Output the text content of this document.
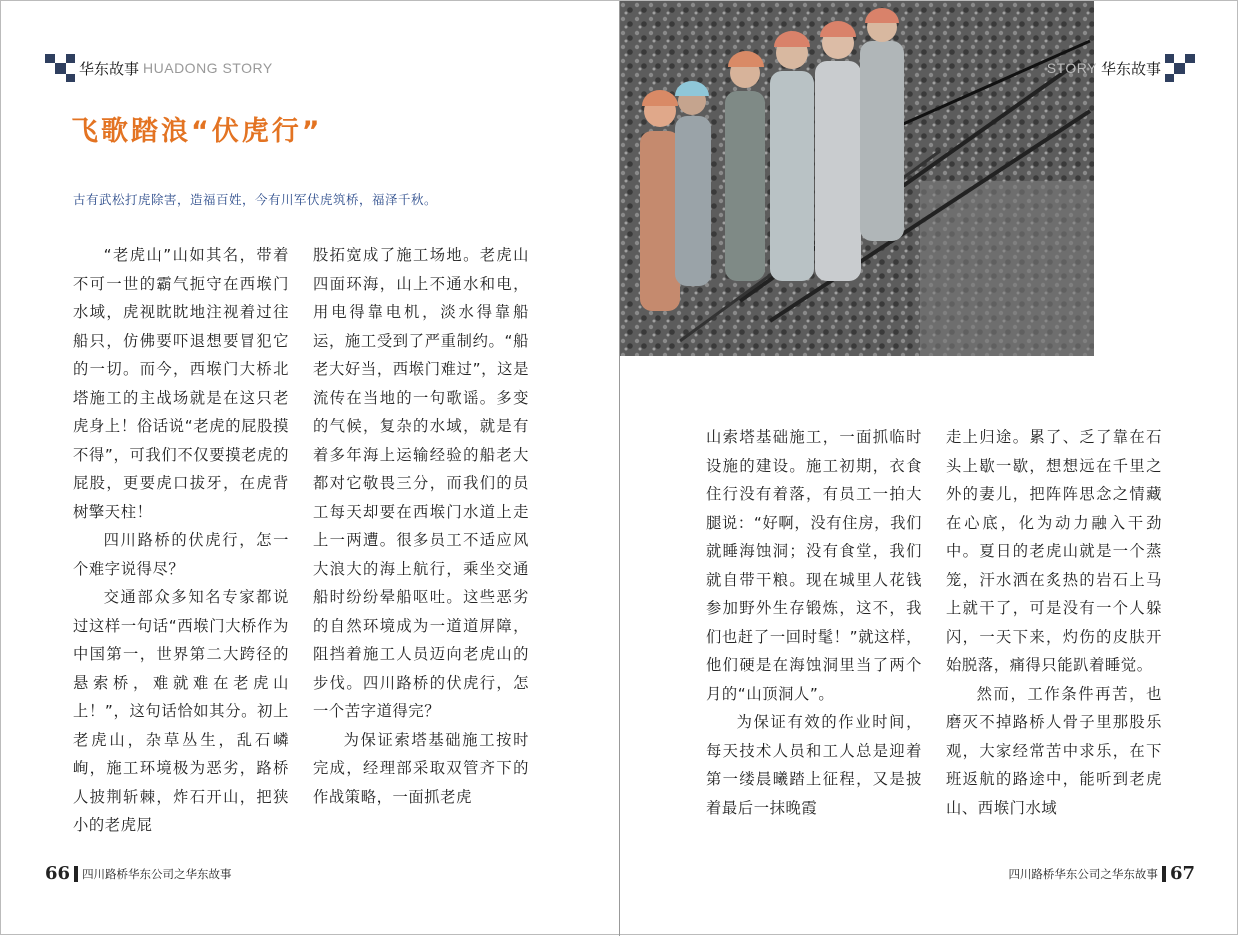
华东故事 HUADONG STORY
飞歌踏浪“伏虎行”
古有武松打虎除害，造福百姓，今有川军伏虎筑桥，福泽千秋。

“老虎山”山如其名，带着不可一世的霸气扼守在西堠门水域，虎视眈眈地注视着过往船只，仿佛要吓退想要冒犯它的一切。而今，西堠门大桥北塔施工的主战场就是在这只老虎身上！俗话说“老虎的屁股摸不得”，可我们不仅要摸老虎的屁股，更要虎口拔牙，在虎背树擎天柱！

四川路桥的伏虎行，怎一个难字说得尽？

交通部众多知名专家都说过这样一句话“西堠门大桥作为中国第一，世界第二大跨径的悬索桥，难就难在老虎山上！”，这句话恰如其分。初上老虎山，杂草丛生，乱石嶙峋，施工环境极为恶劣，路桥人披荆斩棘，炸石开山，把狭小的老虎屁

股拓宽成了施工场地。老虎山四面环海，山上不通水和电，用电得靠电机，淡水得靠船运，施工受到了严重制约。“船老大好当，西堠门难过”，这是流传在当地的一句歌谣。多变的气候，复杂的水域，就是有着多年海上运输经验的船老大都对它敬畏三分，而我们的员工每天却要在西堠门水道上走上一两遭。很多员工不适应风大浪大的海上航行，乘坐交通船时纷纷晕船呕吐。这些恶劣的自然环境成为一道道屏障，阻挡着施工人员迈向老虎山的步伐。四川路桥的伏虎行，怎一个苦字道得完？

为保证索塔基础施工按时完成，经理部采取双管齐下的作战策略，一面抓老虎

66 四川路桥华东公司之华东故事
华东故事
STORY

山索塔基础施工，一面抓临时设施的建设。施工初期，衣食住行没有着落，有员工一拍大腿说：“好啊，没有住房，我们就睡海蚀洞；没有食堂，我们就自带干粮。现在城里人花钱参加野外生存锻炼，这不，我们也赶了一回时髦！”就这样，他们硬是在海蚀洞里当了两个月的“山顶洞人”。

为保证有效的作业时间，每天技术人员和工人总是迎着第一缕晨曦踏上征程，又是披着最后一抹晚霞

走上归途。累了、乏了靠在石头上歇一歇，想想远在千里之外的妻儿，把阵阵思念之情藏在心底，化为动力融入干劲中。夏日的老虎山就是一个蒸笼，汗水洒在炙热的岩石上马上就干了，可是没有一个人躲闪，一天下来，灼伤的皮肤开始脱落，痛得只能趴着睡觉。

然而，工作条件再苦，也磨灭不掉路桥人骨子里那股乐观，大家经常苦中求乐，在下班返航的路途中，能听到老虎山、西堠门水域

67
四川路桥华东公司之华东故事
